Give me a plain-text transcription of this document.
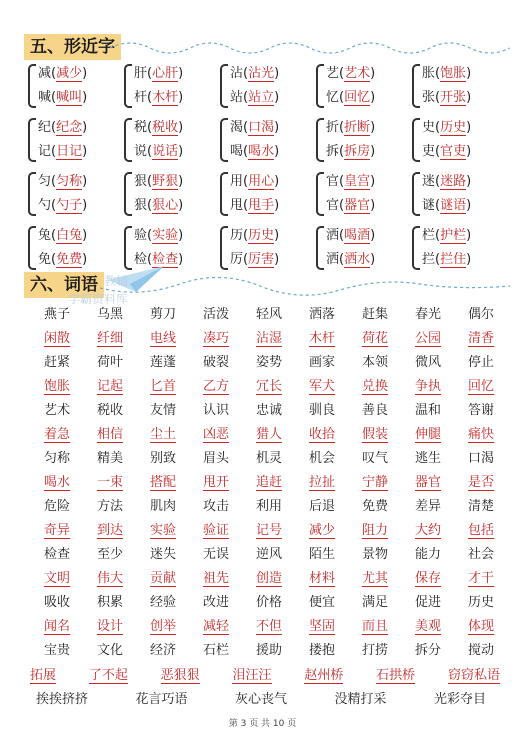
五、形近字
减(减少)
喊(喊叫)
肝(心肝)
杆(木杆)
沾(沾光)
站(站立)
艺(艺术)
忆(回忆)
胀(饱胀)
张(开张)
纪(纪念)
记(日记)
税(税收)
说(说话)
渴(口渴)
喝(喝水)
折(折断)
拆(拆房)
史(历史)
吏(官吏)
匀(匀称)
勺(勺子)
狠(野狠)
狠(狠心)
用(用心)
甩(甩手)
官(皇宫)
官(器官)
迷(迷路)
谜(谜语)
兔(白兔)
免(免费)
验(实验)
检(检查)
历(历史)
厉(厉害)
洒(喝酒)
洒(洒水)
栏(护栏)
拦(拦住)
六、词语 教辅
学霸资料库
燕子	乌黑	剪刀	活泼	轻风	洒落	赶集	春光	偶尔
闲散	纤细	电线	凑巧	沾湿	木杆	荷花	公园	清香
赶紧	荷叶	莲蓬	破裂	姿势	画家	本领	微风	停止
饱胀	记起	匕首	乙方	冗长	军犬	兑换	争执	回忆
艺术	税收	友情	认识	忠诚	驯良	善良	温和	答谢
着急	相信	尘土	凶恶	猎人	收拾	假装	伸腿	痛快
匀称	精美	别致	眉头	机灵	机会	叹气	逃生	口渴
喝水	一束	搭配	甩开	追赶	拉扯	宁静	器官	是否
危险	方法	肌肉	攻击	利用	后退	免费	差异	清楚
奇异	到达	实验	验证	记号	减少	阻力	大约	包括
检查	至少	迷失	无误	逆风	陌生	景物	能力	社会
文明	伟大	贡献	祖先	创造	材料	尤其	保存	才干
吸收	积累	经验	改进	价格	便宜	满足	促进	历史
闻名	设计	创举	减轻	不但	坚固	而且	美观	体现
宝贵	文化	经济	石栏	援助	搂抱	打捞	拆分	搅动
拓展	了不起	恶狠狠	泪汪汪	赵州桥	石拱桥	窃窃私语
挨挨挤挤	花言巧语	灰心丧气	没精打采	光彩夺目
第 3 页 共 10 页
